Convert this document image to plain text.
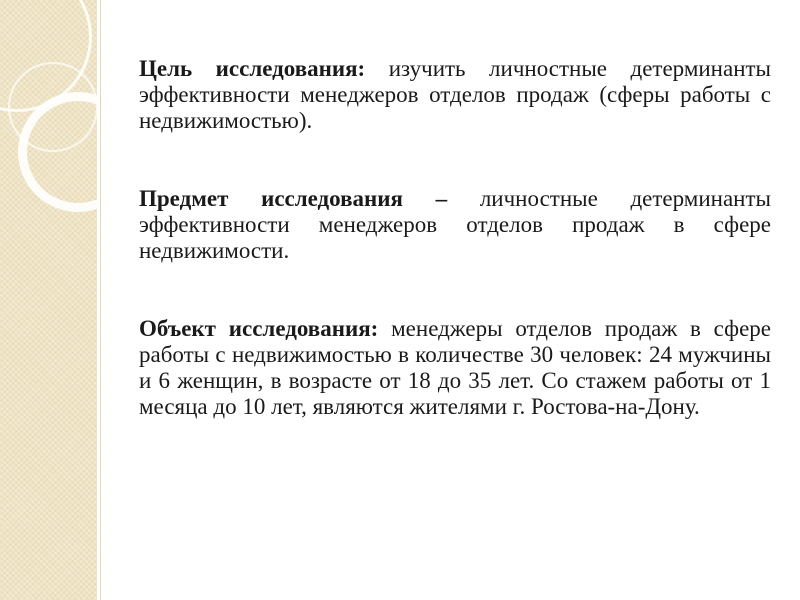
Цель исследования: изучить личностные детерминанты эффективности менеджеров отделов продаж (сферы работы с недвижимостью).

Предмет исследования – личностные детерминанты эффективности менеджеров отделов продаж в сфере недвижимости.

Объект исследования: менеджеры отделов продаж в сфере работы с недвижимостью в количестве 30 человек: 24 мужчины и 6 женщин, в возрасте от 18 до 35 лет. Со стажем работы от 1 месяца до 10 лет, являются жителями г. Ростова-на-Дону.
